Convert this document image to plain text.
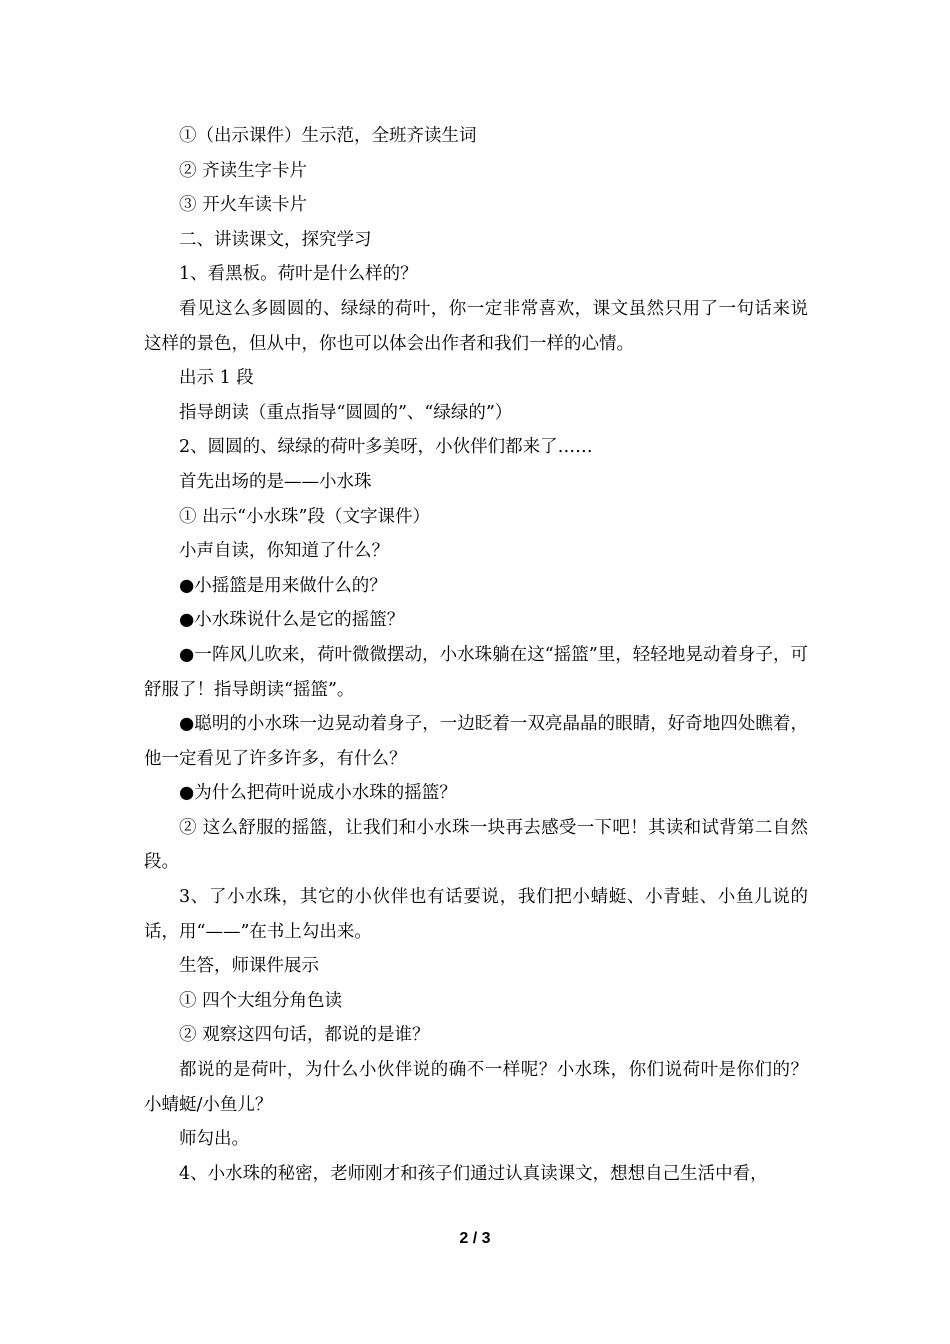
①（出示课件）生示范，全班齐读生词

② 齐读生字卡片

③ 开火车读卡片

二、讲读课文，探究学习

1、看黑板。荷叶是什么样的？

看见这么多圆圆的、绿绿的荷叶，你一定非常喜欢，课文虽然只用了一句话来说这样的景色，但从中，你也可以体会出作者和我们一样的心情。

出示 1 段

指导朗读（重点指导“圆圆的”、“绿绿的”）

2、圆圆的、绿绿的荷叶多美呀，小伙伴们都来了……

首先出场的是——小水珠

① 出示“小水珠”段（文字课件）

小声自读，你知道了什么？

●小摇篮是用来做什么的？

●小水珠说什么是它的摇篮？

●一阵风儿吹来，荷叶微微摆动，小水珠躺在这“摇篮”里，轻轻地晃动着身子，可舒服了！指导朗读“摇篮”。

●聪明的小水珠一边晃动着身子，一边眨着一双亮晶晶的眼睛，好奇地四处瞧着，他一定看见了许多许多，有什么？

●为什么把荷叶说成小水珠的摇篮？

② 这么舒服的摇篮，让我们和小水珠一块再去感受一下吧！其读和试背第二自然段。

3、了小水珠，其它的小伙伴也有话要说，我们把小蜻蜓、小青蛙、小鱼儿说的话，用“——”在书上勾出来。

生答，师课件展示

① 四个大组分角色读

② 观察这四句话，都说的是谁？

都说的是荷叶，为什么小伙伴说的确不一样呢？小水珠，你们说荷叶是你们的？小蜻蜓/小鱼儿？

师勾出。

4、小水珠的秘密，老师刚才和孩子们通过认真读课文，想想自己生活中看，

2 / 3
